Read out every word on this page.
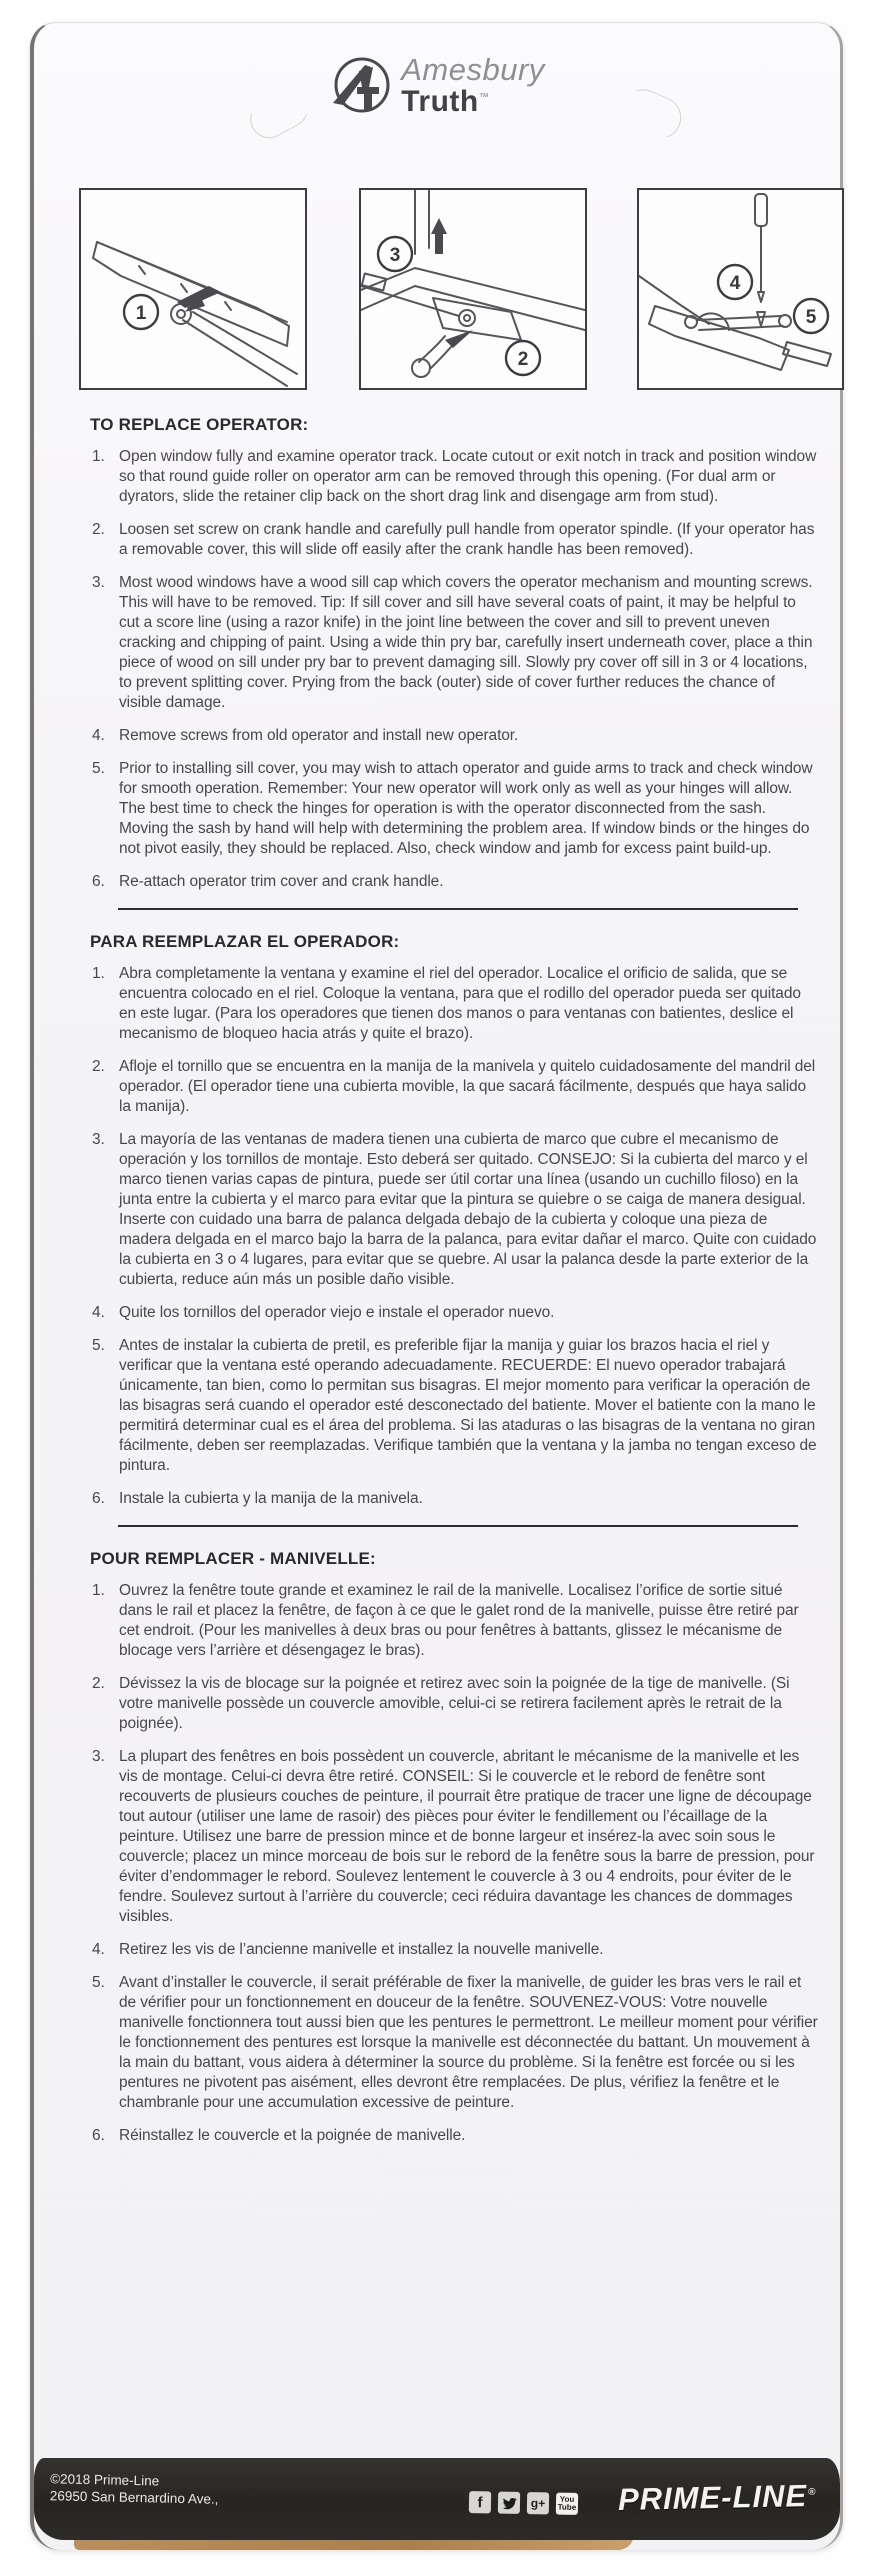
Amesbury
Truth™
1
3
2
4
5
TO REPLACE OPERATOR:
Open window fully and examine operator track. Locate cutout or exit notch in track and position window so that round guide roller on operator arm can be removed through this opening. (For dual arm or dyrators, slide the retainer clip back on the short drag link and disengage arm from stud).
Loosen set screw on crank handle and carefully pull handle from operator spindle. (If your operator has a removable cover, this will slide off easily after the crank handle has been removed).
Most wood windows have a wood sill cap which covers the operator mechanism and mounting screws. This will have to be removed. Tip: If sill cover and sill have several coats of paint, it may be helpful to cut a score line (using a razor knife) in the joint line between the cover and sill to prevent uneven cracking and chipping of paint. Using a wide thin pry bar, carefully insert underneath cover, place a thin piece of wood on sill under pry bar to prevent damaging sill. Slowly pry cover off sill in 3 or 4 locations, to prevent splitting cover. Prying from the back (outer) side of cover further reduces the chance of visible damage.
Remove screws from old operator and install new operator.
Prior to installing sill cover, you may wish to attach operator and guide arms to track and check window for smooth operation. Remember: Your new operator will work only as well as your hinges will allow. The best time to check the hinges for operation is with the operator disconnected from the sash. Moving the sash by hand will help with determining the problem area. If window binds or the hinges do not pivot easily, they should be replaced. Also, check window and jamb for excess paint build-up.
Re-attach operator trim cover and crank handle.
PARA REEMPLAZAR EL OPERADOR:
Abra completamente la ventana y examine el riel del operador. Localice el orificio de salida, que se encuentra colocado en el riel. Coloque la ventana, para que el rodillo del operador pueda ser quitado en este lugar. (Para los operadores que tienen dos manos o para ventanas con batientes, deslice el mecanismo de bloqueo hacia atrás y quite el brazo).
Afloje el tornillo que se encuentra en la manija de la manivela y quitelo cuidadosamente del mandril del operador. (El operador tiene una cubierta movible, la que sacará fácilmente, después que haya salido la manija).
La mayoría de las ventanas de madera tienen una cubierta de marco que cubre el mecanismo de operación y los tornillos de montaje. Esto deberá ser quitado. CONSEJO: Si la cubierta del marco y el marco tienen varias capas de pintura, puede ser útil cortar una línea (usando un cuchillo filoso) en la junta entre la cubierta y el marco para evitar que la pintura se quiebre o se caiga de manera desigual. Inserte con cuidado una barra de palanca delgada debajo de la cubierta y coloque una pieza de madera delgada en el marco bajo la barra de la palanca, para evitar dañar el marco. Quite con cuidado la cubierta en 3 o 4 lugares, para evitar que se quebre. Al usar la palanca desde la parte exterior de la cubierta, reduce aún más un posible daño visible.
Quite los tornillos del operador viejo e instale el operador nuevo.
Antes de instalar la cubierta de pretil, es preferible fijar la manija y guiar los brazos hacia el riel y verificar que la ventana esté operando adecuadamente. RECUERDE: El nuevo operador trabajará únicamente, tan bien, como lo permitan sus bisagras. El mejor momento para verificar la operación de las bisagras será cuando el operador esté desconectado del batiente. Mover el batiente con la mano le permitirá determinar cual es el área del problema. Si las ataduras o las bisagras de la ventana no giran fácilmente, deben ser reemplazadas. Verifique también que la ventana y la jamba no tengan exceso de pintura.
Instale la cubierta y la manija de la manivela.
POUR REMPLACER - MANIVELLE:
Ouvrez la fenêtre toute grande et examinez le rail de la manivelle. Localisez l’orifice de sortie situé dans le rail et placez la fenêtre, de façon à ce que le galet rond de la manivelle, puisse être retiré par cet endroit. (Pour les manivelles à deux bras ou pour fenêtres à battants, glissez le mécanisme de blocage vers l’arrière et désengagez le bras).
Dévissez la vis de blocage sur la poignée et retirez avec soin la poignée de la tige de manivelle. (Si votre manivelle possède un couvercle amovible, celui-ci se retirera facilement après le retrait de la poignée).
La plupart des fenêtres en bois possèdent un couvercle, abritant le mécanisme de la manivelle et les vis de montage. Celui-ci devra être retiré. CONSEIL: Si le couvercle et le rebord de fenêtre sont recouverts de plusieurs couches de peinture, il pourrait être pratique de tracer une ligne de découpage tout autour (utiliser une lame de rasoir) des pièces pour éviter le fendillement ou l’écaillage de la peinture. Utilisez une barre de pression mince et de bonne largeur et insérez-la avec soin sous le couvercle; placez un mince morceau de bois sur le rebord de la fenêtre sous la barre de pression, pour éviter d’endommager le rebord. Soulevez lentement le couvercle à 3 ou 4 endroits, pour éviter de le fendre. Soulevez surtout à l’arrière du couvercle; ceci réduira davantage les chances de dommages visibles.
Retirez les vis de l’ancienne manivelle et installez la nouvelle manivelle.
Avant d’installer le couvercle, il serait préférable de fixer la manivelle, de guider les bras vers le rail et de vérifier pour un fonctionnement en douceur de la fenêtre. SOUVENEZ-VOUS: Votre nouvelle manivelle fonctionnera tout aussi bien que les pentures le permettront. Le meilleur moment pour vérifier le fonctionnement des pentures est lorsque la manivelle est déconnectée du battant. Un mouvement à la main du battant, vous aidera à déterminer la source du problème. Si la fenêtre est forcée ou si les pentures ne pivotent pas aisément, elles devront être remplacées. De plus, vérifiez la fenêtre et le chambranle pour une accumulation excessive de peinture.
Réinstallez le couvercle et la poignée de manivelle.
©2018 Prime-Line
26950 San Bernardino Ave.,	f	g+	You
Tube PRIME-LINE®
